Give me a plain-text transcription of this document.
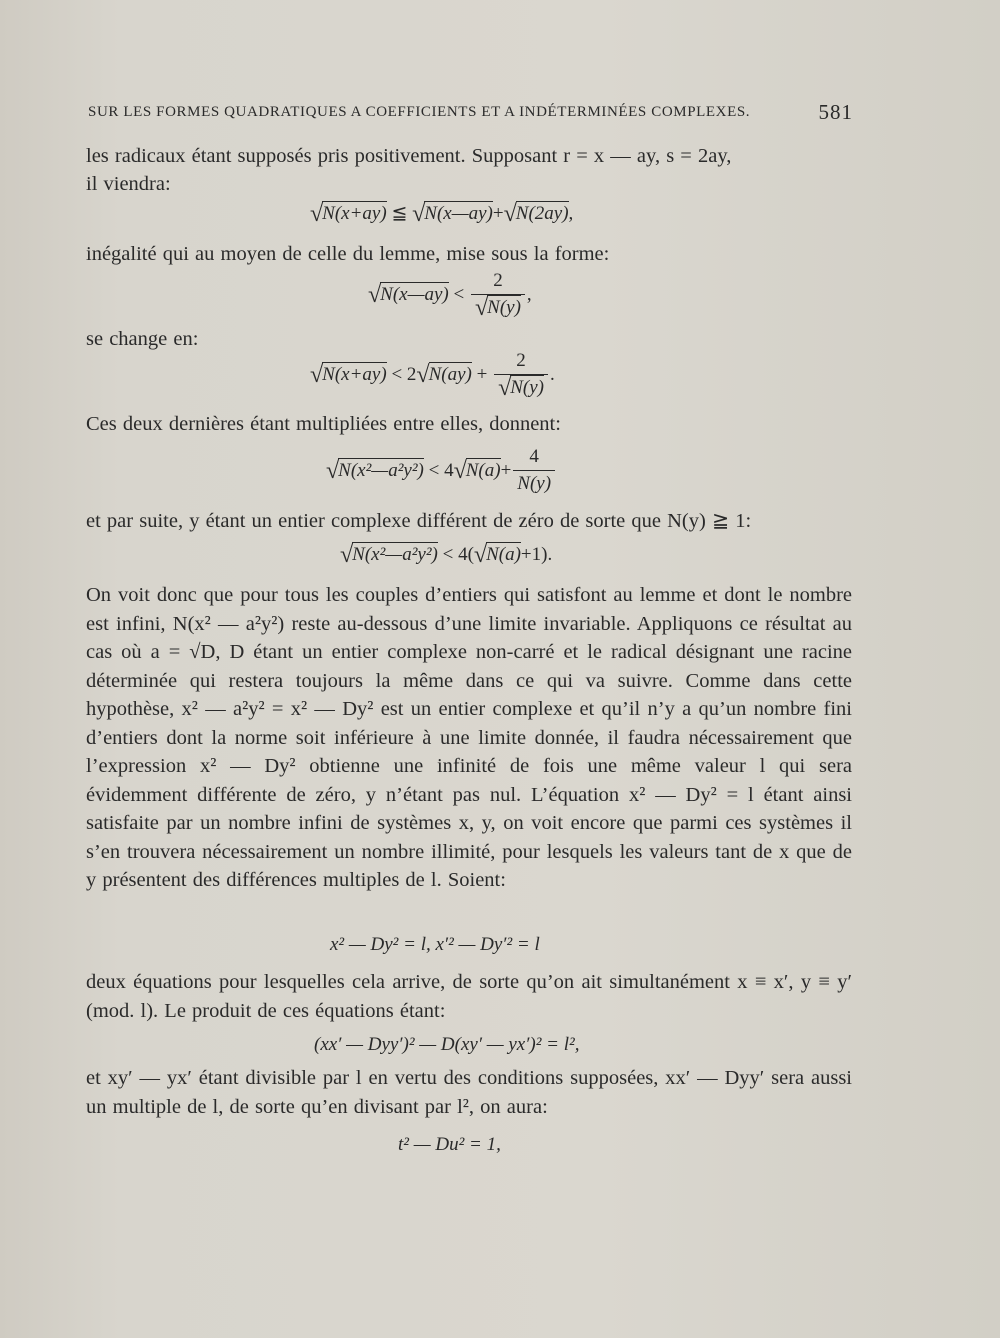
SUR LES FORMES QUADRATIQUES A COEFFICIENTS ET A INDÉTERMINÉES COMPLEXES.	581
les radicaux étant supposés pris positivement. Supposant r = x — ay, s = 2ay,
il viendra:
√N(x+ay) ≦ √N(x—ay)+√N(2ay),
inégalité qui au moyen de celle du lemme, mise sous la forme:
√N(x—ay) < $\frac{2}{√N(y)}$ ,
se change en:
$√N(x+ay) < 2√N(ay) + \frac{2}{√N(y)}$ .
Ces deux dernières étant multipliées entre elles, donnent:
√N(x²—a²y²) < $4√N(a)+ \frac{4}{N(y)}$
et par suite, y étant un entier complexe différent de zéro de sorte que N(y) ≧ 1:
√N(x²—a²y²) < 4(√N(a)+1).
On voit donc que pour tous les couples d’entiers qui satisfont au lemme et dont le nombre est infini, N(x² — a²y²) reste au-dessous d’une limite invariable. Appliquons ce résultat au cas où a = √D, D étant un entier complexe non-carré et le radical désignant une racine déterminée qui restera toujours la même dans ce qui va suivre. Comme dans cette hypothèse, x² — a²y² = x² — Dy² est un entier complexe et qu’il n’y a qu’un nombre fini d’entiers dont la norme soit inférieure à une limite donnée, il faudra nécessairement que l’expression x² — Dy² obtienne une infinité de fois une même valeur l qui sera évidemment différente de zéro, y n’étant pas nul. L’équation x² — Dy² = l étant ainsi satisfaite par un nombre infini de systèmes x, y, on voit encore que parmi ces systèmes il s’en trouvera nécessairement un nombre illimité, pour lesquels les valeurs tant de x que de y présentent des différences multiples de l. Soient:
x² — Dy² = l, x′² — Dy′² = l
deux équations pour lesquelles cela arrive, de sorte qu’on ait simultanément x ≡ x′, y ≡ y′ (mod. l). Le produit de ces équations étant:
(xx′ — Dyy′)² — D(xy′ — yx′)² = l²,
et xy′ — yx′ étant divisible par l en vertu des conditions supposées, xx′ — Dyy′ sera aussi un multiple de l, de sorte qu’en divisant par l², on aura:
t² — Du² = 1,
